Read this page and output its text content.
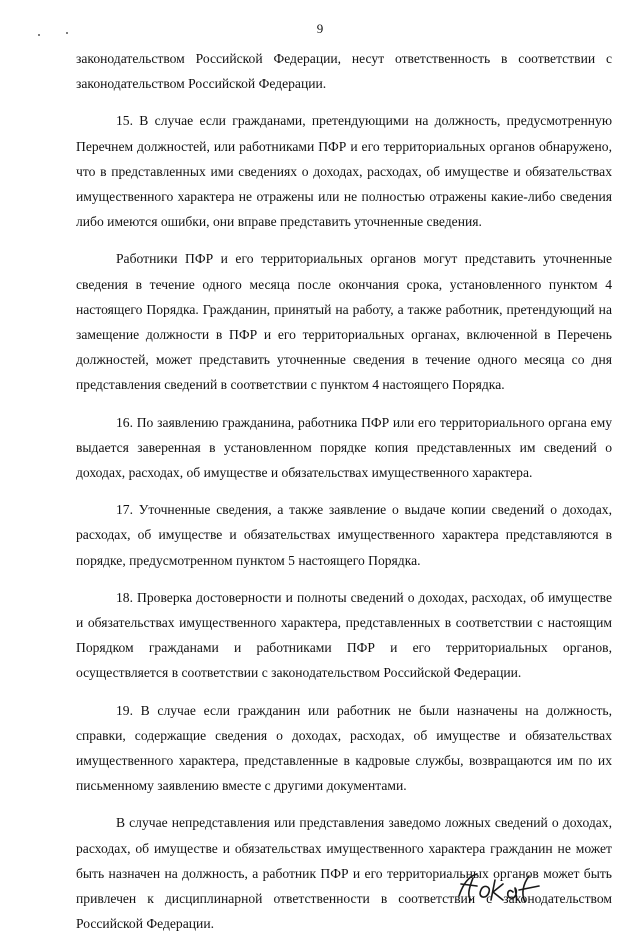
9

законодательством Российской Федерации, несут ответственность в соответствии с законодательством Российской Федерации.

15. В случае если гражданами, претендующими на должность, предусмотренную Перечнем должностей, или работниками ПФР и его территориальных органов обнаружено, что в представленных ими сведениях о доходах, расходах, об имуществе и обязательствах имущественного характера не отражены или не полностью отражены какие-либо сведения либо имеются ошибки, они вправе представить уточненные сведения.

Работники ПФР и его территориальных органов могут представить уточненные сведения в течение одного месяца после окончания срока, установленного пунктом 4 настоящего Порядка. Гражданин, принятый на работу, а также работник, претендующий на замещение должности в ПФР и его территориальных органах, включенной в Перечень должностей, может представить уточненные сведения в течение одного месяца со дня представления сведений в соответствии с пунктом 4 настоящего Порядка.

16. По заявлению гражданина, работника ПФР или его территориального органа ему выдается заверенная в установленном порядке копия представленных им сведений о доходах, расходах, об имуществе и обязательствах имущественного характера.

17. Уточненные сведения, а также заявление о выдаче копии сведений о доходах, расходах, об имуществе и обязательствах имущественного характера представляются в порядке, предусмотренном пунктом 5 настоящего Порядка.

18. Проверка достоверности и полноты сведений о доходах, расходах, об имуществе и обязательствах имущественного характера, представленных в соответствии с настоящим Порядком гражданами и работниками ПФР и его территориальных органов, осуществляется в соответствии с законодательством Российской Федерации.

19. В случае если гражданин или работник не были назначены на должность, справки, содержащие сведения о доходах, расходах, об имуществе и обязательствах имущественного характера, представленные в кадровые службы, возвращаются им по их письменному заявлению вместе с другими документами.

В случае непредставления или представления заведомо ложных сведений о доходах, расходах, об имуществе и обязательствах имущественного характера гражданин не может быть назначен на должность, а работник ПФР и его территориальных органов может быть привлечен к дисциплинарной ответственности в соответствии с законодательством Российской Федерации.
